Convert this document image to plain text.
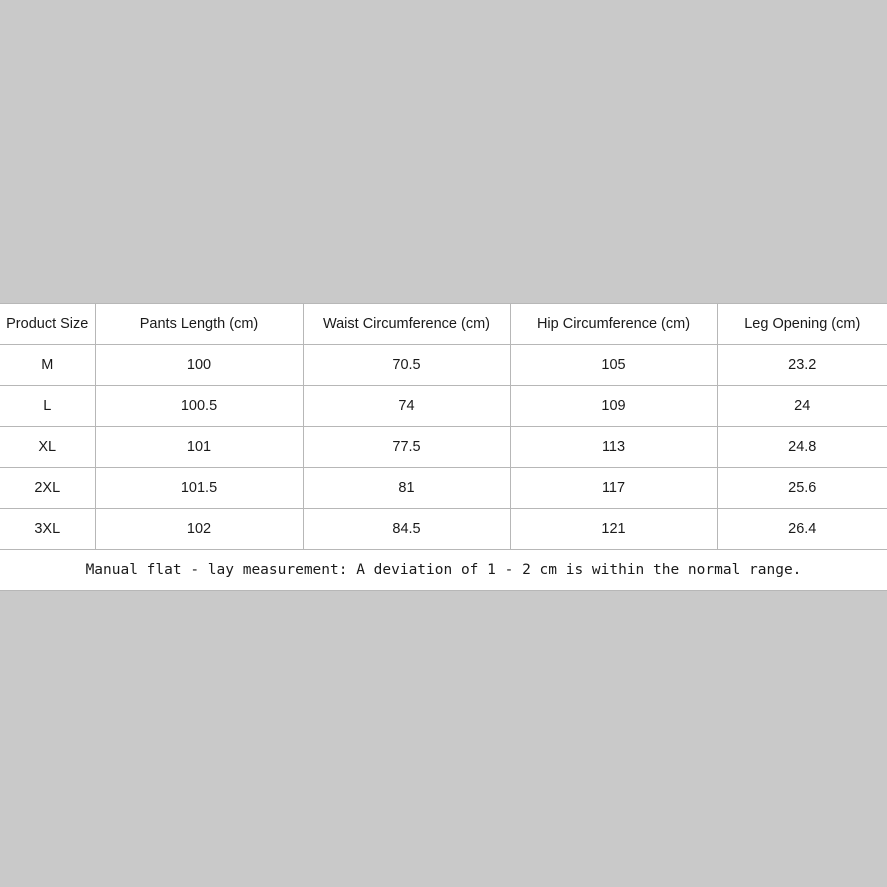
Product Size	Pants Length (cm)	Waist Circumference (cm)	Hip Circumference (cm)	Leg Opening (cm)
M	100	70.5	105	23.2
L	100.5	74	109	24
XL	101	77.5	113	24.8
2XL	101.5	81	117	25.6
3XL	102	84.5	121	26.4
Manual flat - lay measurement: A deviation of 1 - 2 cm is within the normal range.				
